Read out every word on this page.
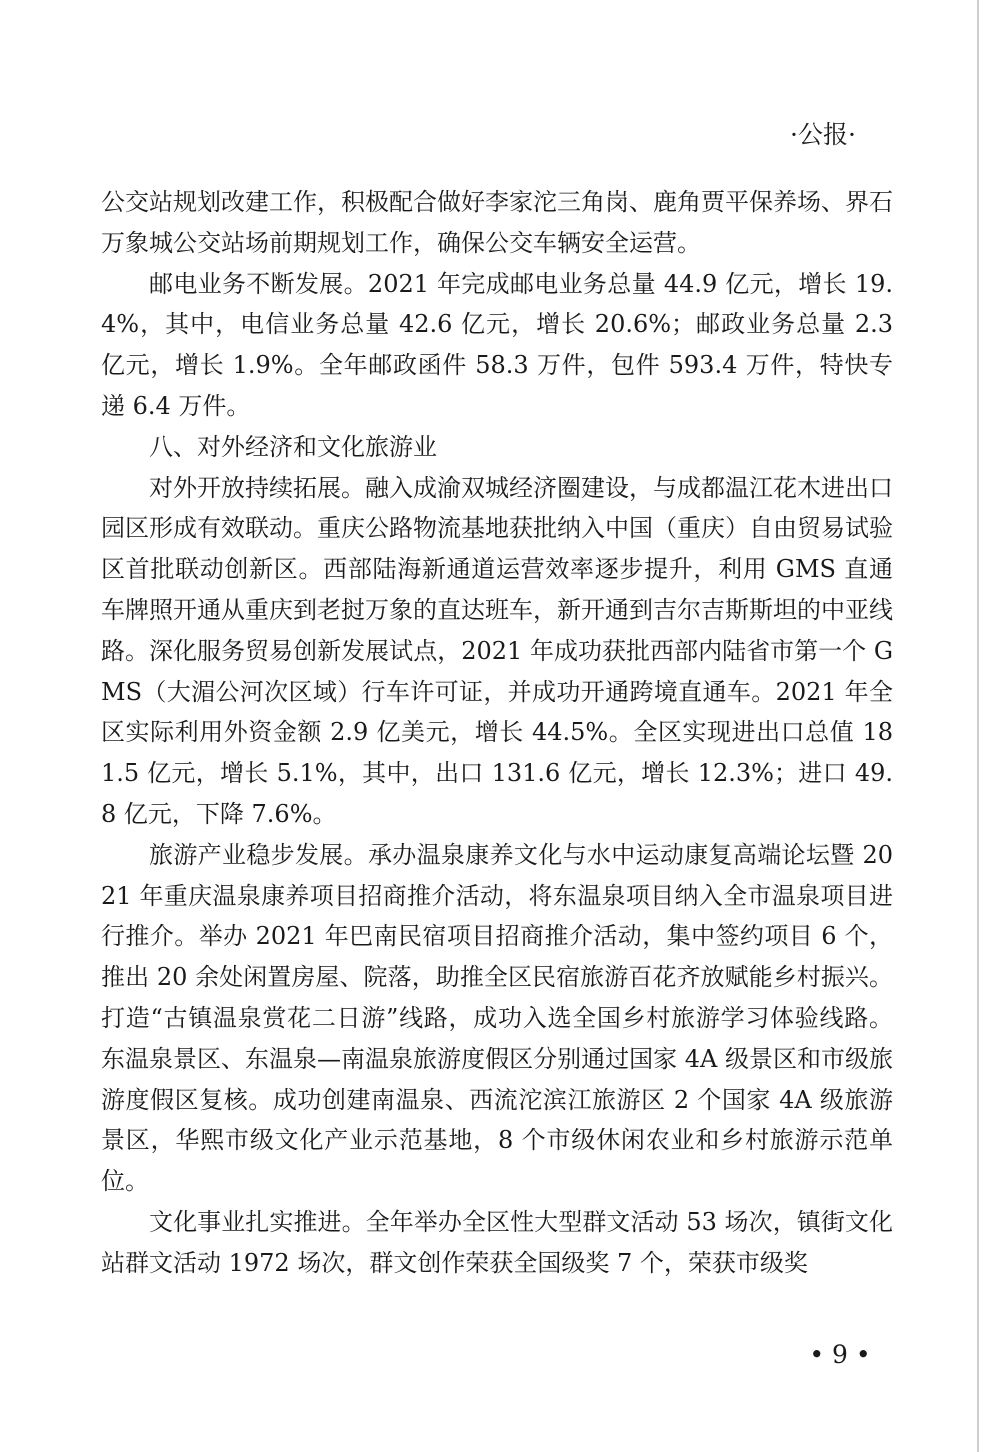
·公报·

公交站规划改建工作，积极配合做好李家沱三角岗、鹿角贾平保养场、界石万象城公交站场前期规划工作，确保公交车辆安全运营。

邮电业务不断发展。2021 年完成邮电业务总量 44.9 亿元，增长 19.4%，其中，电信业务总量 42.6 亿元，增长 20.6%；邮政业务总量 2.3 亿元，增长 1.9%。全年邮政函件 58.3 万件，包件 593.4 万件，特快专递 6.4 万件。

八、对外经济和文化旅游业

对外开放持续拓展。融入成渝双城经济圈建设，与成都温江花木进出口园区形成有效联动。重庆公路物流基地获批纳入中国（重庆）自由贸易试验区首批联动创新区。西部陆海新通道运营效率逐步提升，利用 GMS 直通车牌照开通从重庆到老挝万象的直达班车，新开通到吉尔吉斯斯坦的中亚线路。深化服务贸易创新发展试点，2021 年成功获批西部内陆省市第一个 GMS（大湄公河次区域）行车许可证，并成功开通跨境直通车。2021 年全区实际利用外资金额 2.9 亿美元，增长 44.5%。全区实现进出口总值 181.5 亿元，增长 5.1%，其中，出口 131.6 亿元，增长 12.3%；进口 49.8 亿元，下降 7.6%。

旅游产业稳步发展。承办温泉康养文化与水中运动康复高端论坛暨 2021 年重庆温泉康养项目招商推介活动，将东温泉项目纳入全市温泉项目进行推介。举办 2021 年巴南民宿项目招商推介活动，集中签约项目 6 个，推出 20 余处闲置房屋、院落，助推全区民宿旅游百花齐放赋能乡村振兴。打造“古镇温泉赏花二日游”线路，成功入选全国乡村旅游学习体验线路。东温泉景区、东温泉—南温泉旅游度假区分别通过国家 4A 级景区和市级旅游度假区复核。成功创建南温泉、西流沱滨江旅游区 2 个国家 4A 级旅游景区，华熙市级文化产业示范基地，8 个市级休闲农业和乡村旅游示范单位。

文化事业扎实推进。全年举办全区性大型群文活动 53 场次，镇街文化站群文活动 1972 场次，群文创作荣获全国级奖 7 个，荣获市级奖

• 9 •
